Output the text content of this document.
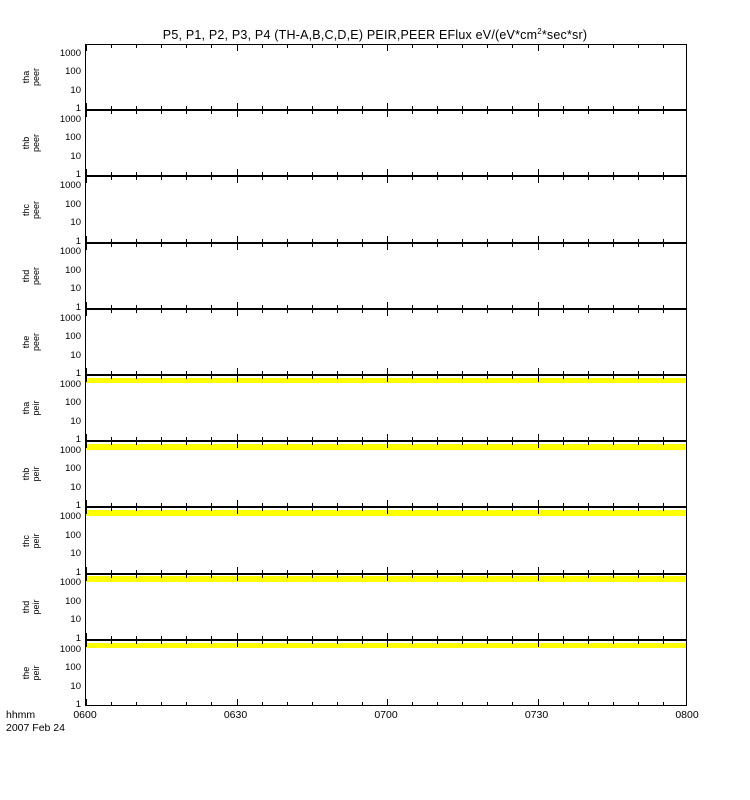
P5, P1, P2, P3, P4 (TH-A,B,C,D,E) PEIR,PEER EFlux $eV/(eV*cm^2*\sec*sr)$
1
10
100
1000
tha
peer
1
10
100
1000
thb
peer
1
10
100
1000
thc
peer
1
10
100
1000
thd
peer
1
10
100
1000
the
peer
1
10
100
1000
tha
peir
1
10
100
1000
thb
peir
1
10
100
1000
thc
peir
1
10
100
1000
thd
peir
1
10
100
1000
the
peir
0600	0630	0700	0730	0800
hhmm
2007 Feb 24
